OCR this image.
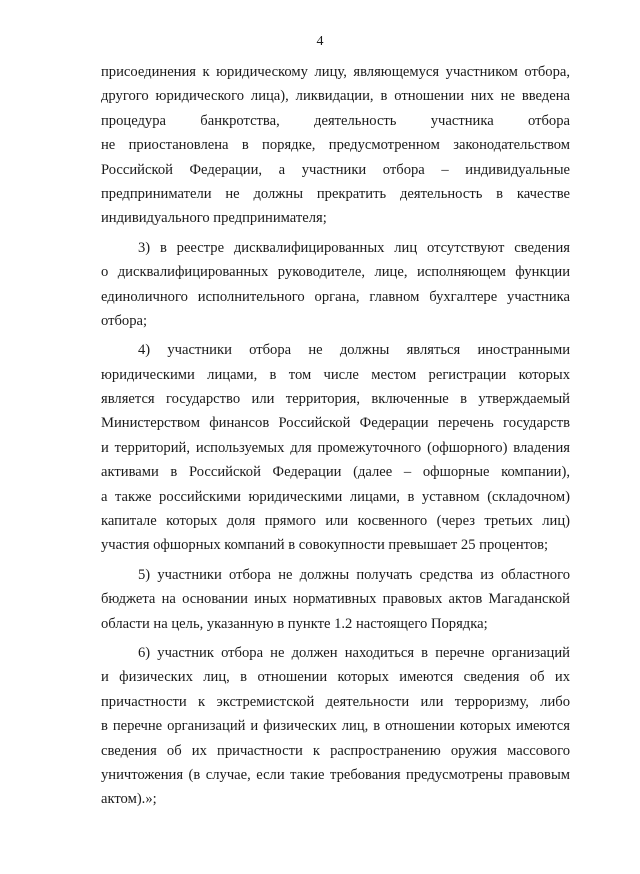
4
присоединения к юридическому лицу, являющемуся участником отбора,
другого юридического лица), ликвидации, в отношении них не введена
процедура банкротства, деятельность участника отбора
не приостановлена в порядке, предусмотренном законодательством
Российской Федерации, а участники отбора – индивидуальные
предприниматели не должны прекратить деятельность в качестве
индивидуального предпринимателя;
3) в реестре дисквалифицированных лиц отсутствуют сведения
о дисквалифицированных руководителе, лице, исполняющем функции
единоличного исполнительного органа, главном бухгалтере участника
отбора;
4) участники отбора не должны являться иностранными
юридическими лицами, в том числе местом регистрации которых
является государство или территория, включенные в утверждаемый
Министерством финансов Российской Федерации перечень государств
и территорий, используемых для промежуточного (офшорного) владения
активами в Российской Федерации (далее – офшорные компании),
а также российскими юридическими лицами, в уставном (складочном)
капитале которых доля прямого или косвенного (через третьих лиц)
участия офшорных компаний в совокупности превышает 25 процентов;
5) участники отбора не должны получать средства из областного
бюджета на основании иных нормативных правовых актов Магаданской
области на цель, указанную в пункте 1.2 настоящего Порядка;
6) участник отбора не должен находиться в перечне организаций
и физических лиц, в отношении которых имеются сведения об их
причастности к экстремистской деятельности или терроризму, либо
в перечне организаций и физических лиц, в отношении которых имеются
сведения об их причастности к распространению оружия массового
уничтожения (в случае, если такие требования предусмотрены правовым
актом).»;
